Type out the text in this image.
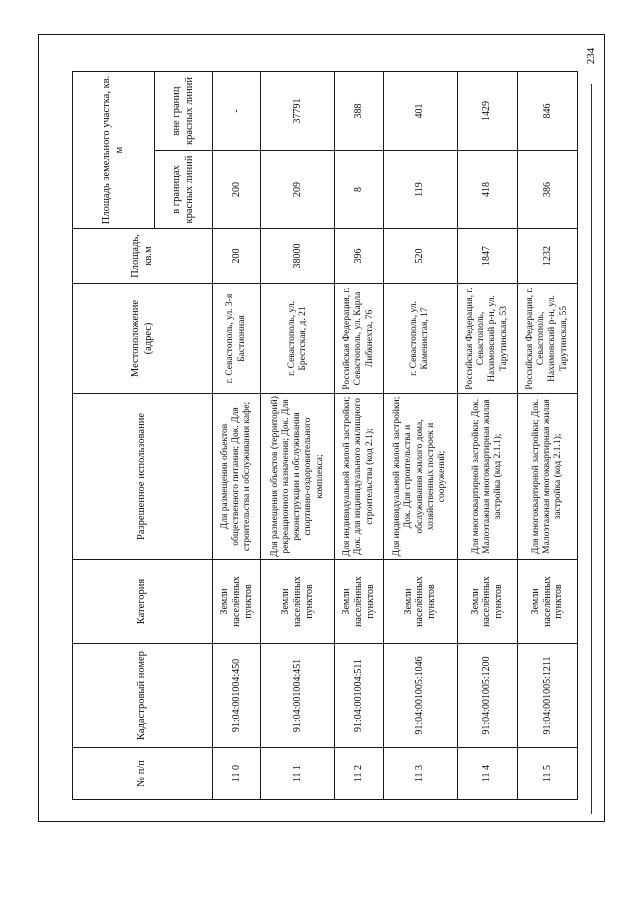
234
№ п/п	Кадастровый номер	Категория	Разрешенное использование	Местоположение (адрес)	Площадь, кв.м	Площадь земельного участка, кв. м	
						в границах красных линий	вне границ красных линий
11 0	91:04:001004:450	Земли населённых пунктов	Для размещения объектов общественного питания; Док. Для строительства и обслуживания кафе;	г. Севастополь, ул. 3-я Бастионная	200	200	-
11 1	91:04:001004:451	Земли населённых пунктов	Для размещения объектов (территорий) рекреационного назначения; Док. Для реконструкции и обслуживания спортивно-оздоровительного комплекса;	г. Севастополь, ул. Брестская, д. 21	38000	209	37791
11 2	91:04:001004:511	Земли населённых пунктов	Для индивидуальной жилой застройки; Док. для индивидуального жилищного строительства (код 2.1);	Российская Федерация, г. Севастополь, ул. Карла Либкнехта, 76	396	8	388
11 3	91:04:001005:1046	Земли населённых пунктов	Для индивидуальной жилой застройки; Док. Для строительства и обслуживания жилого дома, хозяйственных построек и сооружений;	г. Севастополь, ул. Каменистая, 17	520	119	401
11 4	91:04:001005:1200	Земли населённых пунктов	Для многоквартирной застройки; Док. Малоэтажная многоквартирная жилая застройка (код 2.1.1);	Российская Федерация, г. Севастополь, Нахимовский р-н, ул. Тарутинская, 53	1847	418	1429
11 5	91:04:001005:1211	Земли населённых пунктов	Для многоквартирной застройки; Док. Малоэтажная многоквартирная жилая застройка (код 2.1.1);	Российская Федерация, г. Севастополь, Нахимовский р-н, ул. Тарутинская, 55	1232	386	846
